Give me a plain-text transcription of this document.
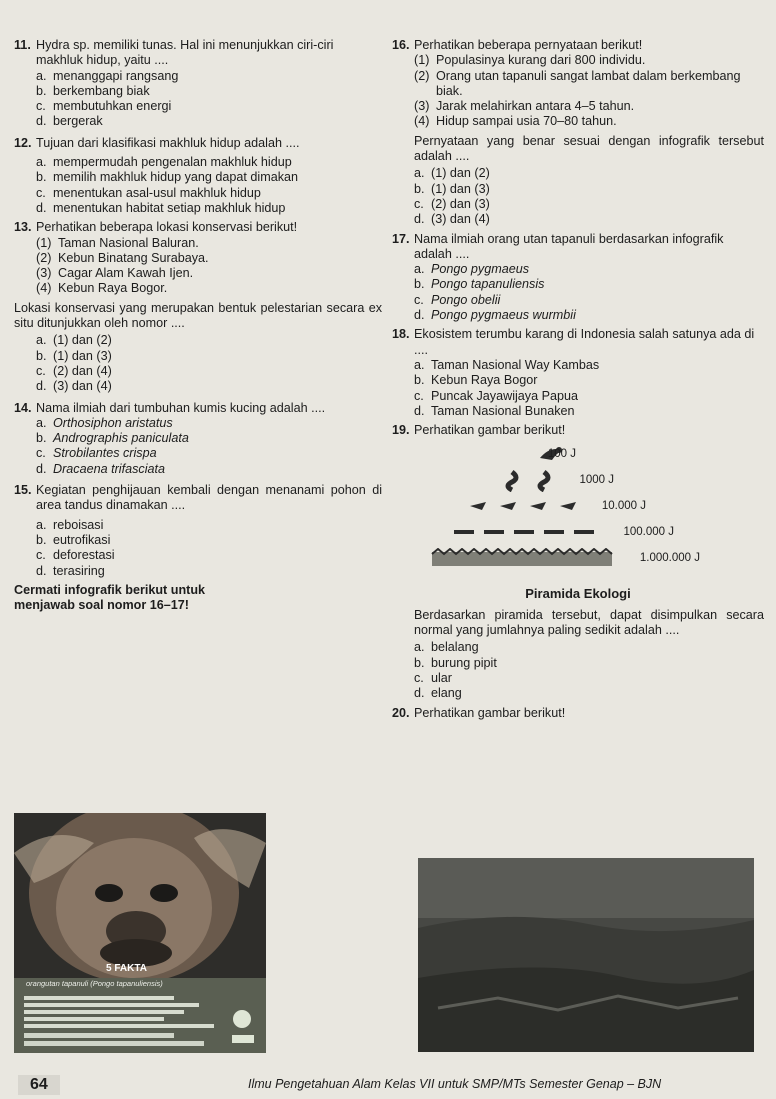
11. Hydra sp. memiliki tunas. Hal ini menunjukkan ciri-ciri makhluk hidup, yaitu ....
a. menanggapi rangsang
b. berkembang biak
c. membutuhkan energi
d. bergerak
12. Tujuan dari klasifikasi makhluk hidup adalah ....
a. mempermudah pengenalan makhluk hidup
b. memilih makhluk hidup yang dapat dimakan
c. menentukan asal-usul makhluk hidup
d. menentukan habitat setiap makhluk hidup
13. Perhatikan beberapa lokasi konservasi berikut!
(1) Taman Nasional Baluran.
(2) Kebun Binatang Surabaya.
(3) Cagar Alam Kawah Ijen.
(4) Kebun Raya Bogor.
Lokasi konservasi yang merupakan bentuk pelestarian secara ex situ ditunjukkan oleh nomor ....
a. (1) dan (2)
b. (1) dan (3)
c. (2) dan (4)
d. (3) dan (4)
14. Nama ilmiah dari tumbuhan kumis kucing adalah ....
a. Orthosiphon aristatus
b. Andrographis paniculata
c. Strobilantes crispa
d. Dracaena trifasciata
15. Kegiatan penghijauan kembali dengan menanami pohon di area tandus dinamakan ....
a. reboisasi
b. eutrofikasi
c. deforestasi
d. terasiring
Cermati infografik berikut untuk menjawab soal nomor 16–17!
5 FAKTA
orangutan tapanuli (Pongo tapanuliensis)
16. Perhatikan beberapa pernyataan berikut!
(1) Populasinya kurang dari 800 individu.
(2) Orang utan tapanuli sangat lambat dalam berkembang biak.
(3) Jarak melahirkan antara 4–5 tahun.
(4) Hidup sampai usia 70–80 tahun.
Pernyataan yang benar sesuai dengan infografik tersebut adalah ....
a. (1) dan (2)
b. (1) dan (3)
c. (2) dan (3)
d. (3) dan (4)
17. Nama ilmiah orang utan tapanuli berdasarkan infografik adalah ....
a. Pongo pygmaeus
b. Pongo tapanuliensis
c. Pongo obelii
d. Pongo pygmaeus wurmbii
18. Ekosistem terumbu karang di Indonesia salah satunya ada di ....
a. Taman Nasional Way Kambas
b. Kebun Raya Bogor
c. Puncak Jayawijaya Papua
d. Taman Nasional Bunaken
19. Perhatikan gambar berikut!
100 J
1000 J
10.000 J
100.000 J
1.000.000 J
Piramida Ekologi
Berdasarkan piramida tersebut, dapat disimpulkan secara normal yang jumlahnya paling sedikit adalah ....
a. belalang
b. burung pipit
c. ular
d. elang
20. Perhatikan gambar berikut!
64	Ilmu Pengetahuan Alam Kelas VII untuk SMP/MTs Semester Genap – BJN
